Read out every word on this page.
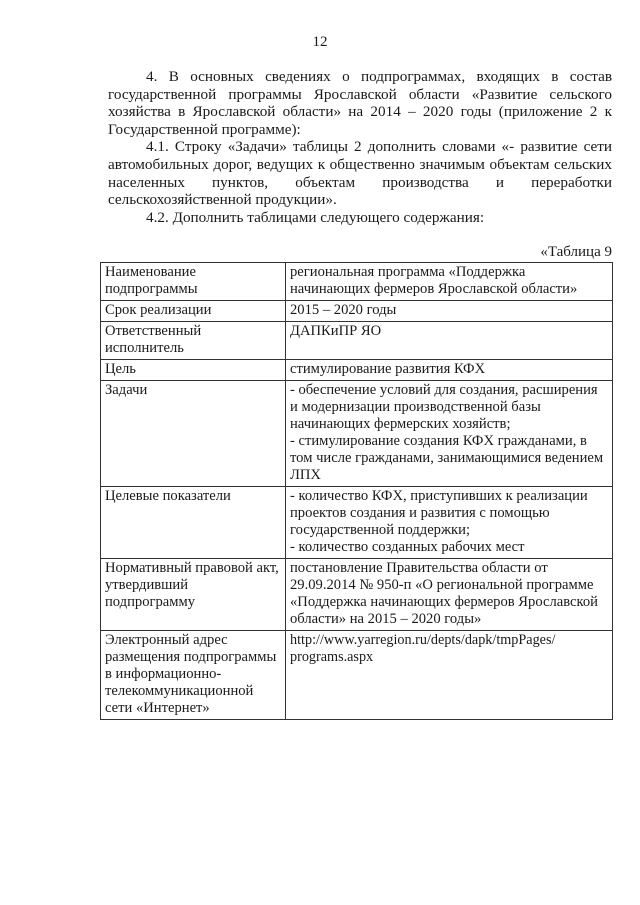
12

4. В основных сведениях о подпрограммах, входящих в состав государственной программы Ярославской области «Развитие сельского хозяйства в Ярославской области» на 2014 – 2020 годы (приложение 2 к Государственной программе):

4.1. Строку «Задачи» таблицы 2 дополнить словами «- развитие сети автомобильных дорог, ведущих к общественно значимым объектам сельских населенных пунктов, объектам производства и переработки сельскохозяйственной продукции».

4.2. Дополнить таблицами следующего содержания:

«Таблица 9
Наименование подпрограммы	региональная программа «Поддержка начинающих фермеров Ярославской области»

Срок реализации	2015 – 2020 годы

Ответственный исполнитель	ДАПКиПР ЯО

Цель	стимулирование развития КФХ

Задачи	- обеспечение условий для создания, расширения и модернизации производственной базы начинающих фермерских хозяйств;
- стимулирование создания КФХ гражданами, в том числе гражданами, занимающимися ведением ЛПХ

Целевые показатели	- количество КФХ, приступивших к реализации проектов создания и развития с помощью государственной поддержки;
- количество созданных рабочих мест

Нормативный правовой акт, утвердивший подпрограмму	постановление Правительства области от 29.09.2014 № 950-п «О региональной программе «Поддержка начинающих фермеров Ярославской области» на 2015 – 2020 годы»

Электронный адрес размещения подпрограммы в информационно-телекоммуникационной сети «Интернет»	http://www.yarregion.ru/depts/dapk/tmpPages/ programs.aspx
